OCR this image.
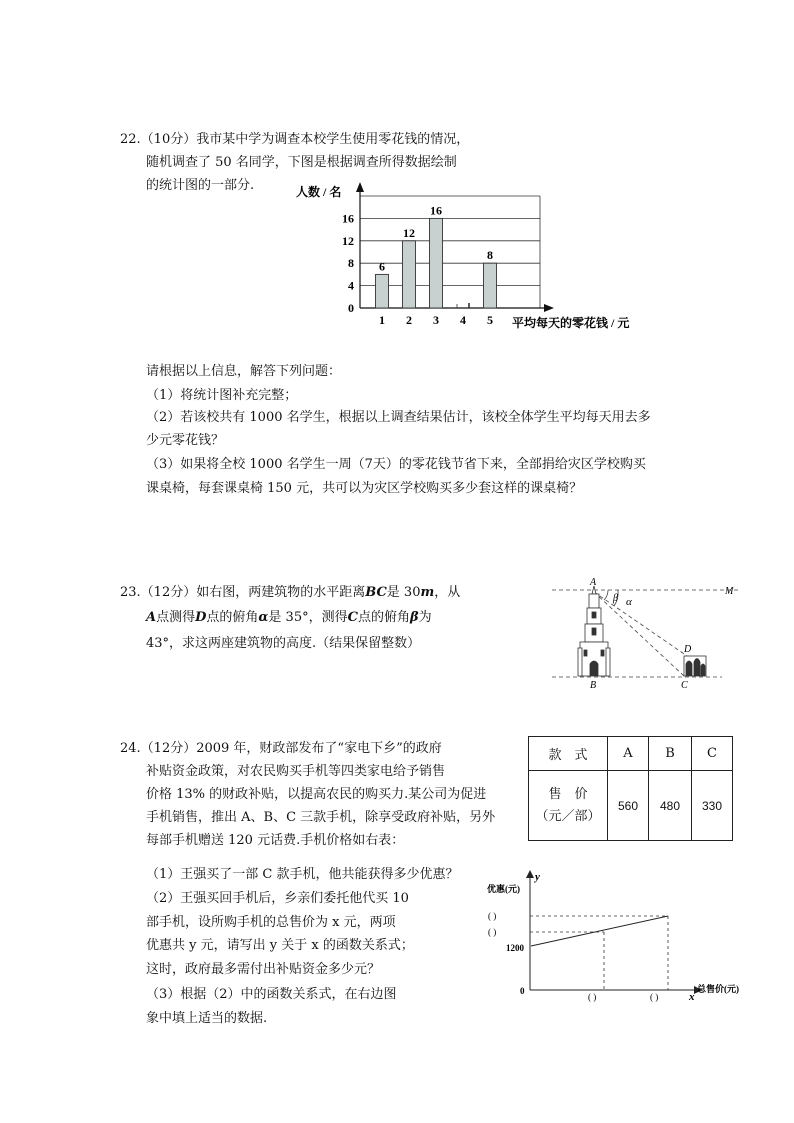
22.（10分）我市某中学为调查本校学生使用零花钱的情况，
随机调查了 50 名同学，下图是根据调查所得数据绘制
的统计图的一部分.	人数 / 名
平均每天的零花钱 / 元
0
4
8
12
16
6
1
12
2
16
3 4
8
5
请根据以上信息，解答下列问题：
（1）将统计图补充完整；
（2）若该校共有 1000 名学生，根据以上调查结果估计，该校全体学生平均每天用去多
少元零花钱？
（3）如果将全校 1000 名学生一周（7天）的零花钱节省下来，全部捐给灾区学校购买
课桌椅，每套课桌椅 150 元，共可以为灾区学校购买多少套这样的课桌椅？
23.（12分）如右图，两建筑物的水平距离BC是 30m，从
A点测得D点的俯角α是 35°，测得C点的俯角β为
43°，求这两座建筑物的高度.（结果保留整数）
A
M
β α
D
B	C
24.（12分）2009 年，财政部发布了“家电下乡”的政府
补贴资金政策，对农民购买手机等四类家电给予销售
价格 13% 的财政补贴，以提高农民的购买力.某公司为促进
手机销售，推出 A、B、C 三款手机，除享受政府补贴，另外
每部手机赠送 120 元话费.手机价格如右表：
款　式	A	B	C

售　价
（元／部）	560	480	330
（1）王强买了一部 C 款手机，他共能获得多少优惠？
（2）王强买回手机后，乡亲们委托他代买 10
部手机，设所购手机的总售价为 x 元，两项
优惠共 y 元，请写出 y 关于 x 的函数关系式；
这时，政府最多需付出补贴资金多少元？
（3）根据（2）中的函数关系式，在右边图
象中填上适当的数据.
y
优惠(元)
( )
( )
1200
0
( )	( )	x
总售价(元)
